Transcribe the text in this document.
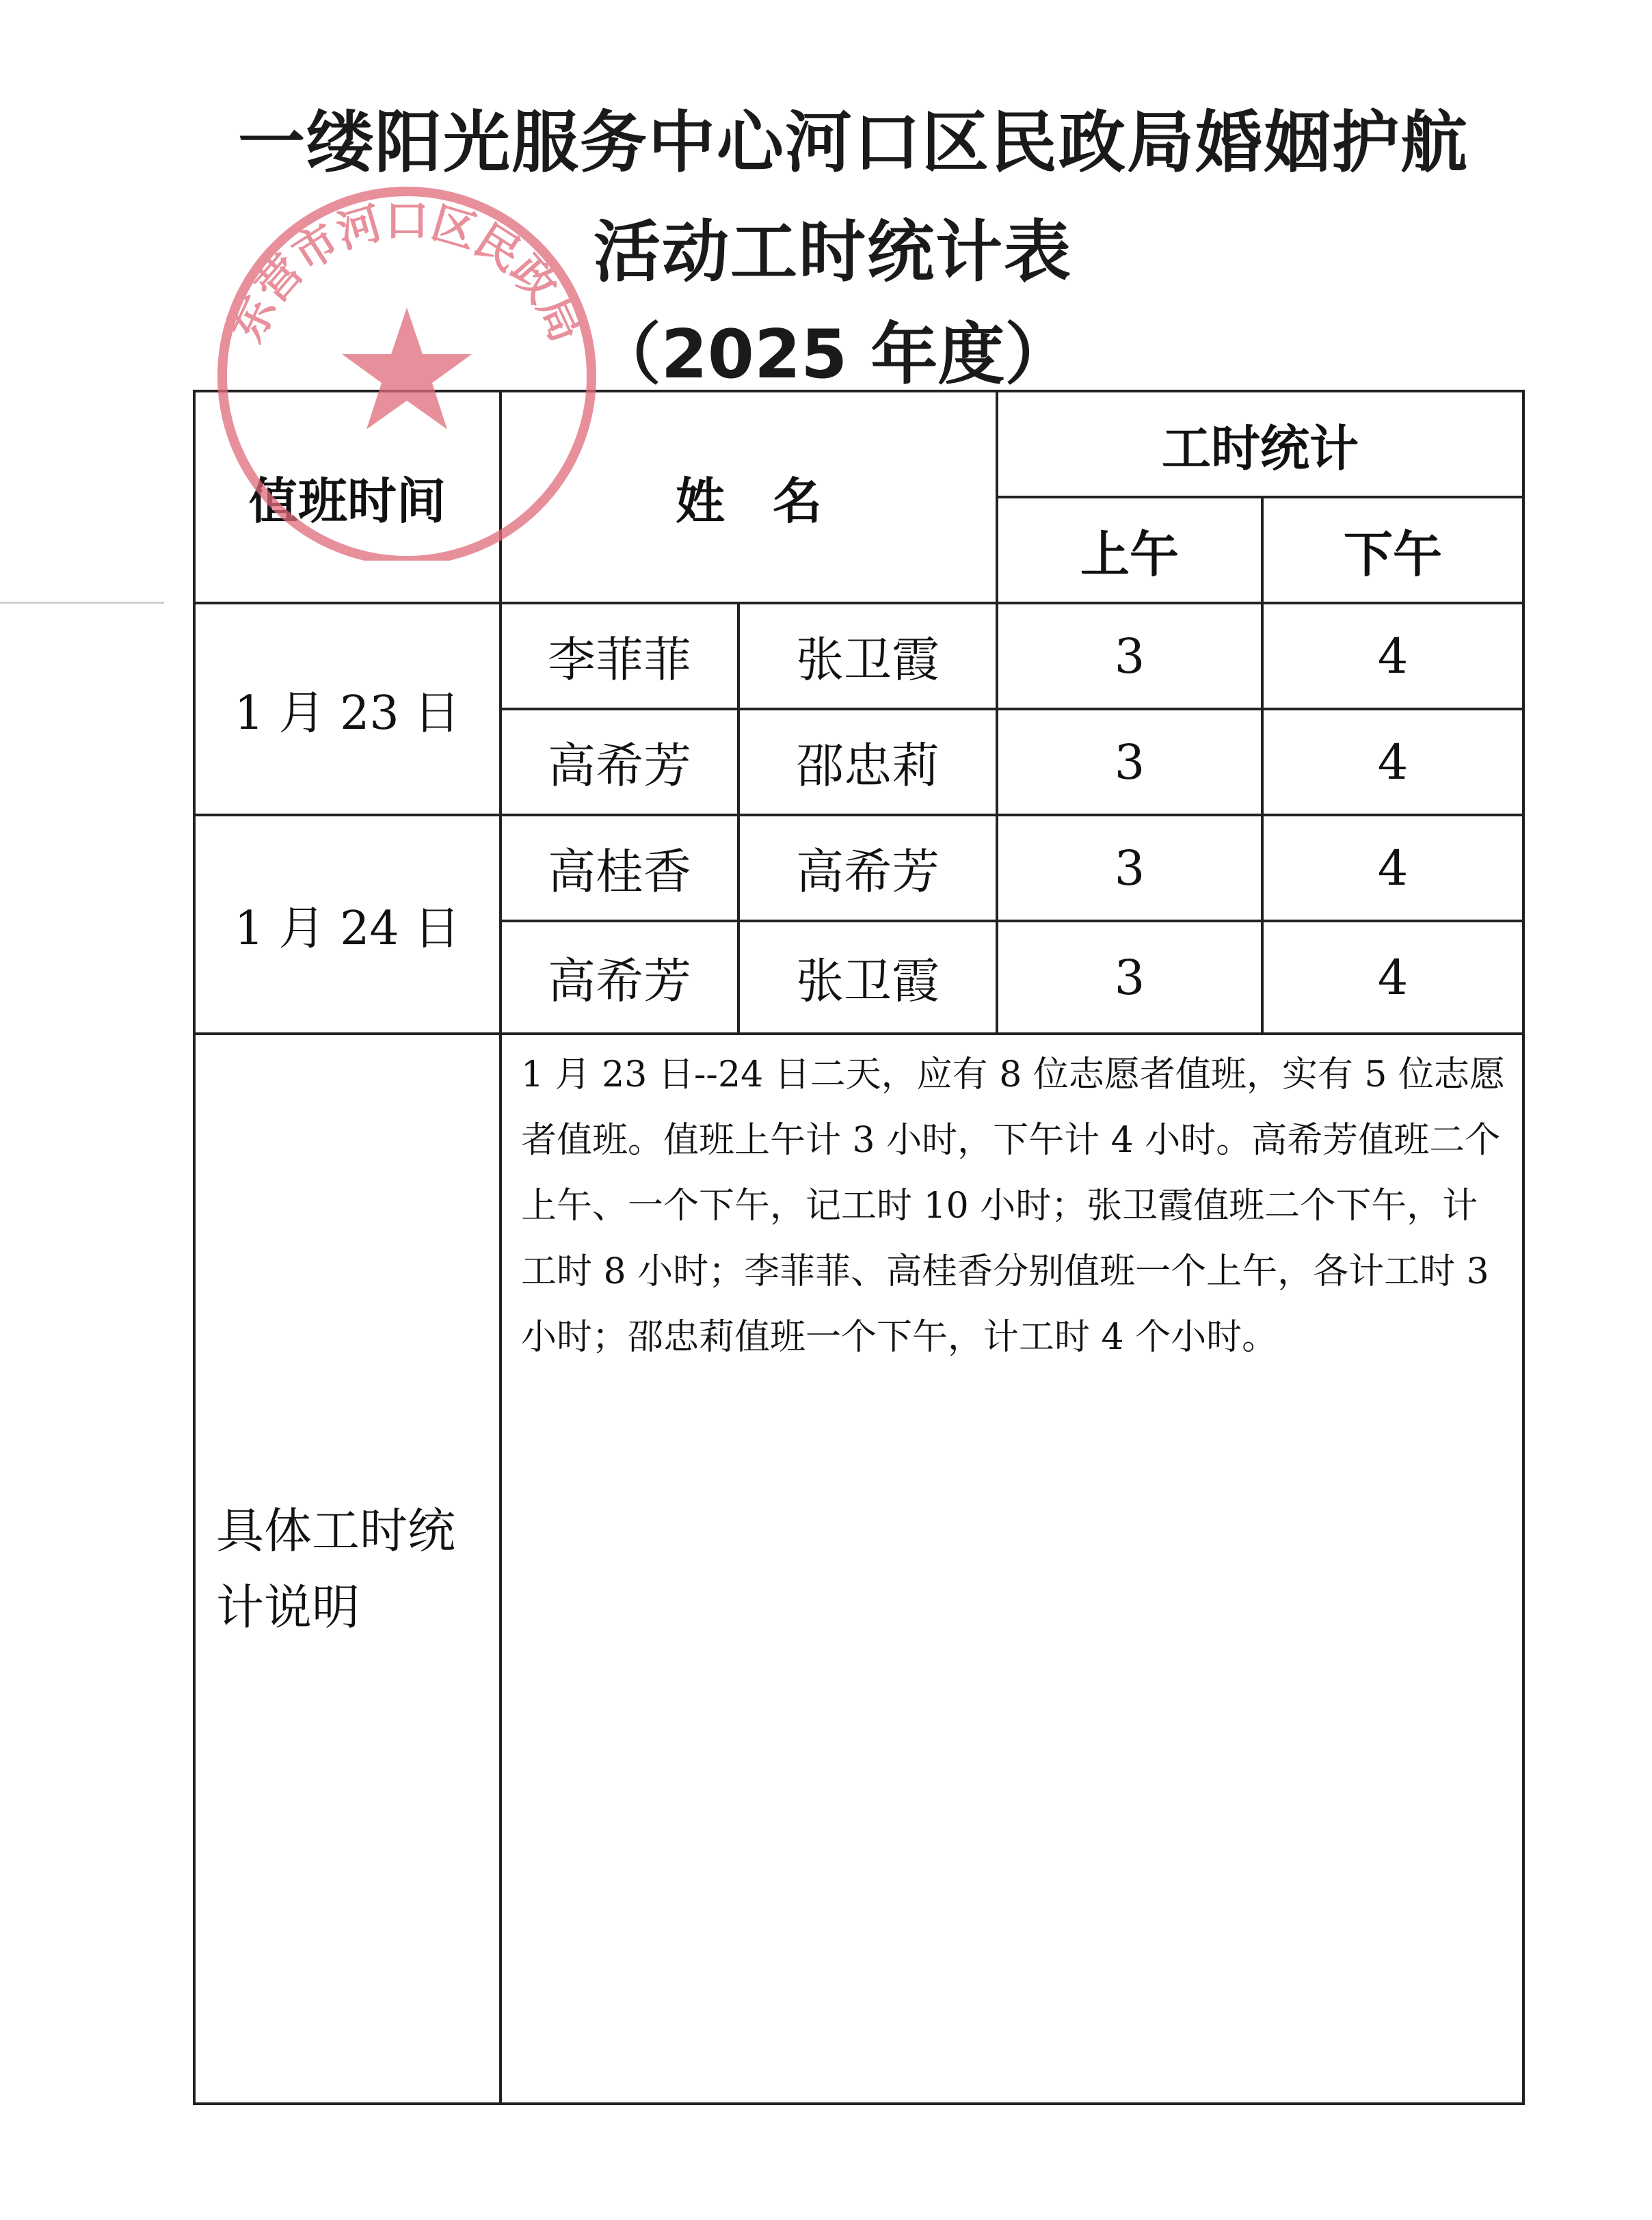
一缕阳光服务中心河口区民政局婚姻护航
活动工时统计表
（2025 年度）
值班时间	姓名		工时统计	
			上午	下午
1 月 23 日	李菲菲	张卫霞	3	4
	高希芳	邵忠莉	3	4
1 月 24 日	高桂香	高希芳	3	4
	高希芳	张卫霞	3	4

具体工时统
计说明	1 月 23 日--24 日二天，应有 8 位志愿者值班，实有 5 位志愿者值班。值班上午计 3 小时，下午计 4 小时。高希芳值班二个上午、一个下午，记工时 10 小时；张卫霞值班二个下午，计工时 8 小时；李菲菲、高桂香分别值班一个上午，各计工时 3 小时；邵忠莉值班一个下午，计工时 4 个小时。			
东营市河口区民政局
